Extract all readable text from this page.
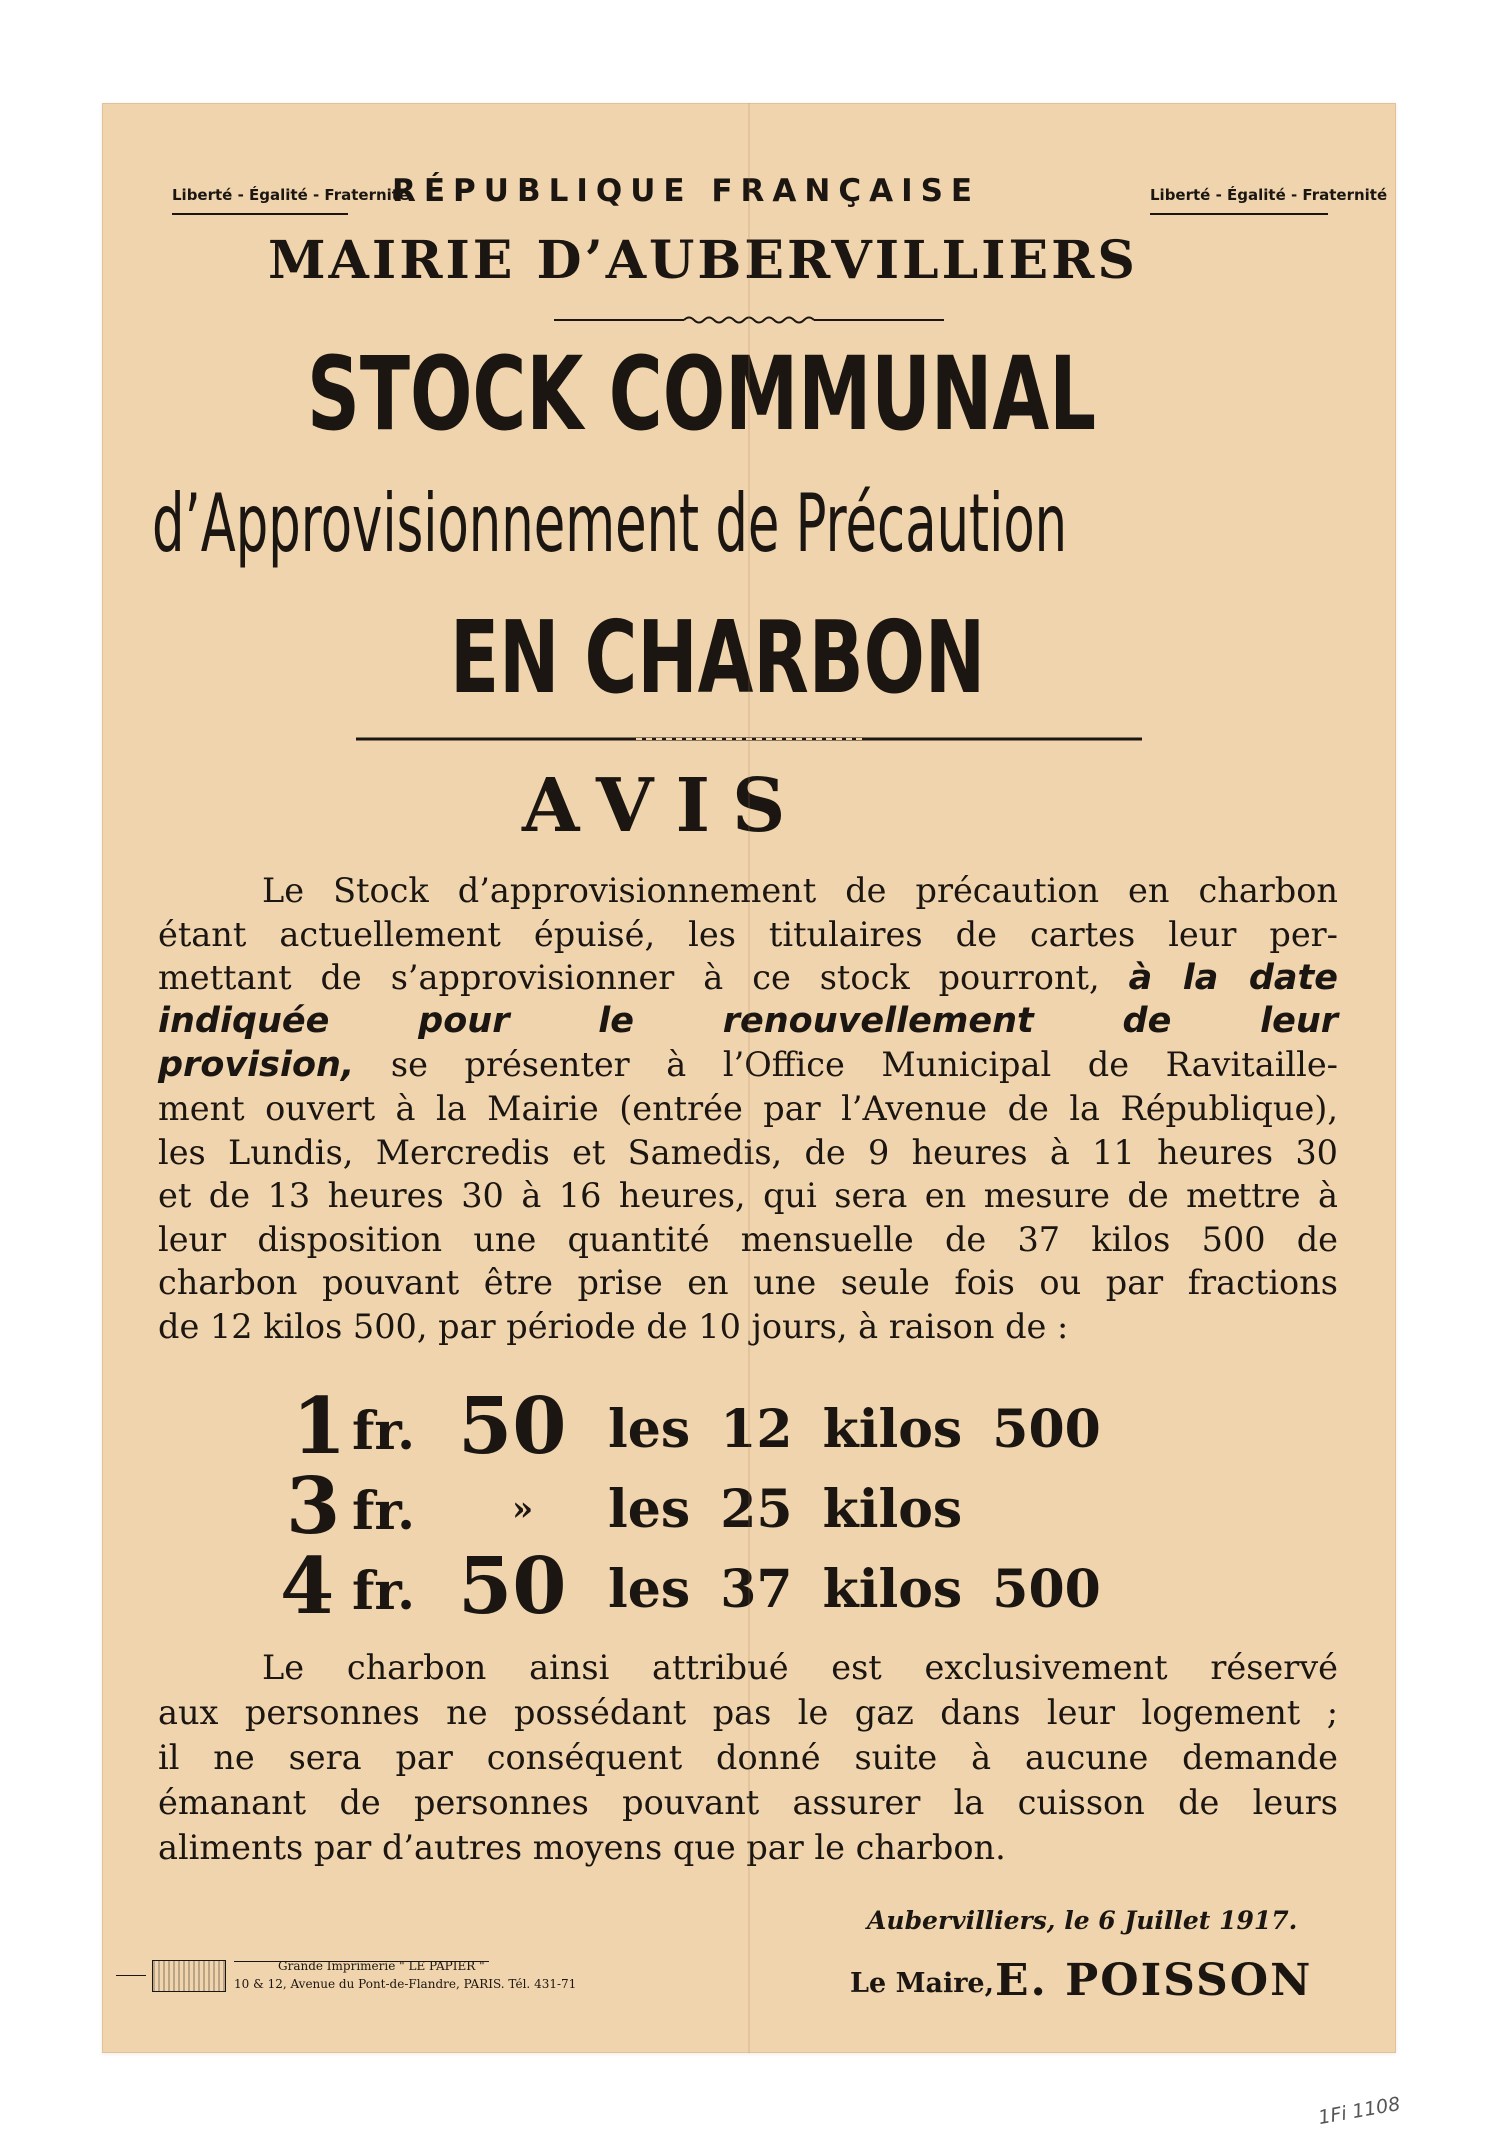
Liberté - Égalité - Fraternité
RÉPUBLIQUE FRANÇAISE	Liberté - Égalité - Fraternité
MAIRIE D’AUBERVILLIERS
STOCK COMMUNAL
d’Approvisionnement de Précaution
EN CHARBON
AVIS
Le Stock d’approvisionnement de précaution en charbon
étant actuellement épuisé, les titulaires de cartes leur per-
mettant de s’approvisionner à ce stock pourront, à la date
indiquée pour le renouvellement de leur
provision, se présenter à l’Office Municipal de Ravitaille-
ment ouvert à la Mairie (entrée par l’Avenue de la République),
les Lundis, Mercredis et Samedis, de 9 heures à 11 heures 30
et de 13 heures 30 à 16 heures, qui sera en mesure de mettre à
leur disposition une quantité mensuelle de 37 kilos 500 de
charbon pouvant être prise en une seule fois ou par fractions
de 12 kilos 500, par période de 10 jours, à raison de :
1 fr. 50 les 12 kilos 500
3 fr.	» les 25 kilos
4 fr. 50 les 37 kilos 500
Le charbon ainsi attribué est exclusivement réservé
aux personnes ne possédant pas le gaz dans leur logement ;
il ne sera par conséquent donné suite à aucune demande
émanant de personnes pouvant assurer la cuisson de leurs
aliments par d’autres moyens que par le charbon.
Aubervilliers, le 6 Juillet 1917.
Le Maire, E. POISSON
Grande Imprimerie " LE PAPIER "
10 & 12, Avenue du Pont-de-Flandre, PARIS. Tél. 431-71
1Fi 1108
